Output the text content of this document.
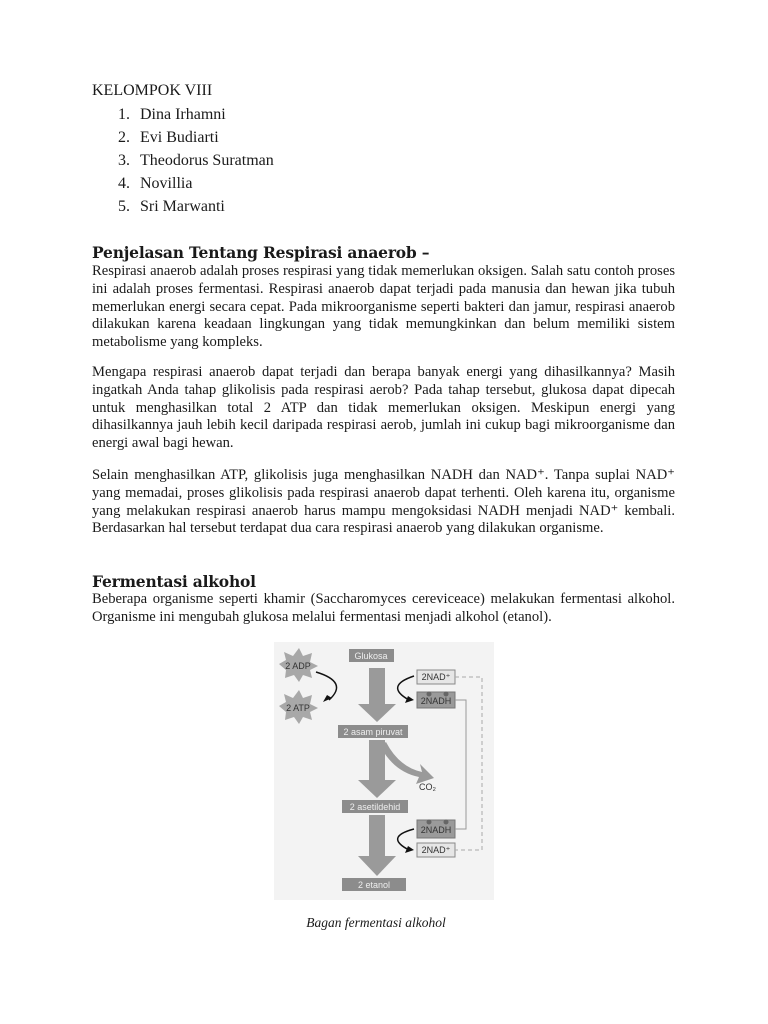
KELOMPOK VIII
1. Dina Irhamni
2. Evi Budiarti
3. Theodorus Suratman
4. Novillia
5. Sri Marwanti
Penjelasan Tentang Respirasi anaerob –

Respirasi anaerob adalah proses respirasi yang tidak memerlukan oksigen. Salah satu contoh proses ini adalah proses fermentasi. Respirasi anaerob dapat terjadi pada manusia dan hewan jika tubuh memerlukan energi secara cepat. Pada mikroorganisme seperti bakteri dan jamur, respirasi anaerob dilakukan karena keadaan lingkungan yang tidak memungkinkan dan belum memiliki sistem metabolisme yang kompleks.

Mengapa respirasi anaerob dapat terjadi dan berapa banyak energi yang dihasilkannya? Masih ingatkah Anda tahap glikolisis pada respirasi aerob? Pada tahap tersebut, glukosa dapat dipecah untuk menghasilkan total 2 ATP dan tidak memerlukan oksigen. Meskipun energi yang dihasilkannya jauh lebih kecil daripada respirasi aerob, jumlah ini cukup bagi mikroorganisme dan energi awal bagi hewan.

Selain menghasilkan ATP, glikolisis juga menghasilkan NADH dan NAD⁺. Tanpa suplai NAD⁺ yang memadai, proses glikolisis pada respirasi anaerob dapat terhenti. Oleh karena itu, organisme yang melakukan respirasi anaerob harus mampu mengoksidasi NADH menjadi NAD⁺ kembali. Berdasarkan hal tersebut terdapat dua cara respirasi anaerob yang dilakukan organisme.

Fermentasi alkohol

Beberapa organisme seperti khamir (Saccharomyces cereviceace) melakukan fermentasi alkohol. Organisme ini mengubah glukosa melalui fermentasi menjadi alkohol (etanol).

Glukosa
2 asam piruvat
2 asetildehid
2 etanol
CO₂
2 ADP
2 ATP
2NAD⁺
2NADH
2NADH
2NAD⁺
Bagan fermentasi alkohol
